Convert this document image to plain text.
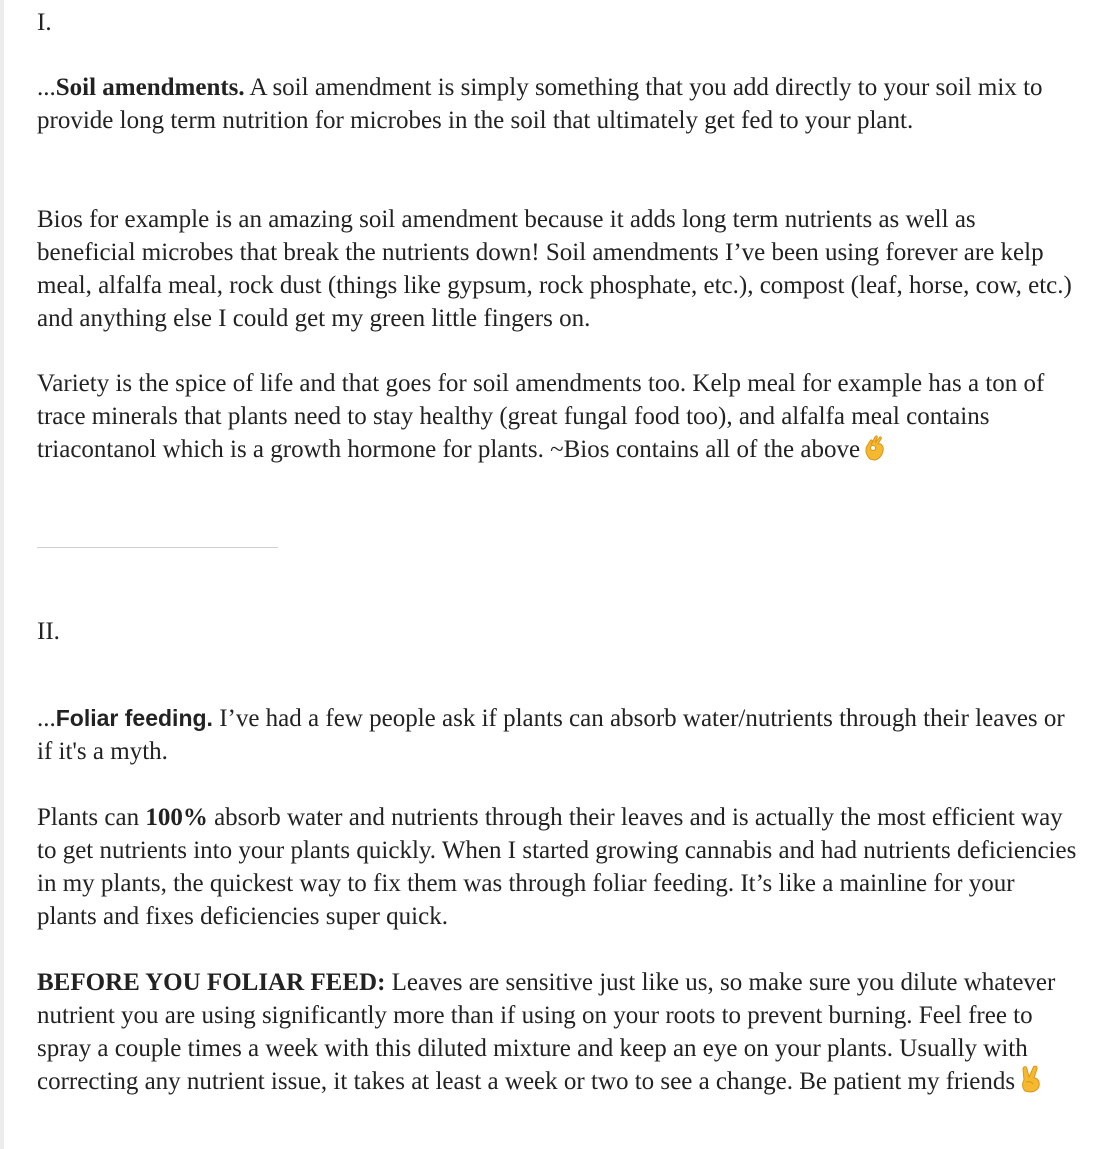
I.

...Soil amendments. A soil amendment is simply something that you add directly to your soil mix to provide long term nutrition for microbes in the soil that ultimately get fed to your plant.

Bios for example is an amazing soil amendment because it adds long term nutrients as well as beneficial microbes that break the nutrients down! Soil amendments I’ve been using forever are kelp meal, alfalfa meal, rock dust (things like gypsum, rock phosphate, etc.), compost (leaf, horse, cow, etc.) and anything else I could get my green little fingers on.

Variety is the spice of life and that goes for soil amendments too. Kelp meal for example has a ton of trace minerals that plants need to stay healthy (great fungal food too), and alfalfa meal contains triacontanol which is a growth hormone for plants. ~Bios contains all of the above

II.

...Foliar feeding. I’ve had a few people ask if plants can absorb water/nutrients through their leaves or if it's a myth.

Plants can 100% absorb water and nutrients through their leaves and is actually the most efficient way to get nutrients into your plants quickly. When I started growing cannabis and had nutrients deficiencies in my plants, the quickest way to fix them was through foliar feeding. It’s like a mainline for your plants and fixes deficiencies super quick.

BEFORE YOU FOLIAR FEED: Leaves are sensitive just like us, so make sure you dilute whatever nutrient you are using significantly more than if using on your roots to prevent burning. Feel free to spray a couple times a week with this diluted mixture and keep an eye on your plants. Usually with correcting any nutrient issue, it takes at least a week or two to see a change. Be patient my friends
